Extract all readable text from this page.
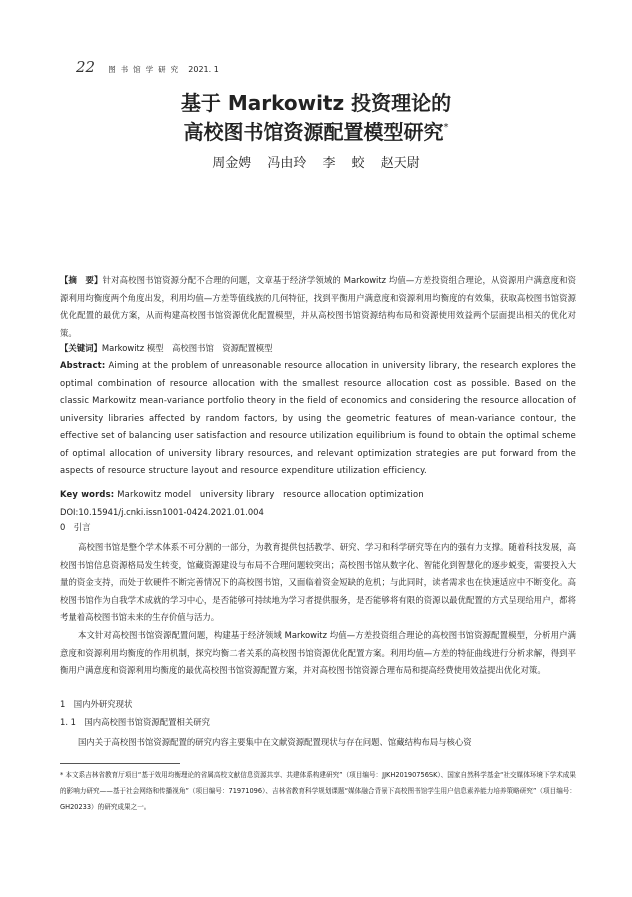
22 图书馆学研究 2021. 1
基于 Markowitz 投资理论的
高校图书馆资源配置模型研究*
周金娉 冯由玲 李 蛟 赵天尉
【摘　要】针对高校图书馆资源分配不合理的问题，文章基于经济学领域的 Markowitz 均值—方差投资组合理论，从资源用户满意度和资源利用均衡度两个角度出发，利用均值—方差等值线族的几何特征，找到平衡用户满意度和资源利用均衡度的有效集，获取高校图书馆资源优化配置的最优方案，从而构建高校图书馆资源优化配置模型，并从高校图书馆资源结构布局和资源使用效益两个层面提出相关的优化对策。
【关键词】Markowitz 模型　高校图书馆　资源配置模型
Abstract: Aiming at the problem of unreasonable resource allocation in university library, the research explores the optimal combination of resource allocation with the smallest resource allocation cost as possible. Based on the classic Markowitz mean-variance portfolio theory in the field of economics and considering the resource allocation of university libraries affected by random factors, by using the geometric features of mean-variance contour, the effective set of balancing user satisfaction and resource utilization equilibrium is found to obtain the optimal scheme of optimal allocation of university library resources, and relevant optimization strategies are put forward from the aspects of resource structure layout and resource expenditure utilization efficiency.
Key words: Markowitz model　university library　resource allocation optimization
DOI:10.15941/j.cnki.issn1001-0424.2021.01.004
0　引言
高校图书馆是整个学术体系不可分割的一部分，为教育提供包括教学、研究、学习和科学研究等在内的强有力支撑。随着科技发展，高校图书馆信息资源格局发生转变，馆藏资源建设与布局不合理问题较突出；高校图书馆从数字化、智能化到智慧化的逐步蜕变，需要投入大量的资金支持，而处于软硬件不断完善情况下的高校图书馆，又面临着资金短缺的危机；与此同时，读者需求也在快速适应中不断变化。高校图书馆作为自我学术成就的学习中心，是否能够可持续地为学习者提供服务，是否能够将有限的资源以最优配置的方式呈现给用户，都将考量着高校图书馆未来的生存价值与活力。
本文针对高校图书馆资源配置问题，构建基于经济领域 Markowitz 均值—方差投资组合理论的高校图书馆资源配置模型，分析用户满意度和资源利用均衡度的作用机制，探究均衡二者关系的高校图书馆资源优化配置方案。利用均值—方差的特征曲线进行分析求解，得到平衡用户满意度和资源利用均衡度的最优高校图书馆资源配置方案，并对高校图书馆资源合理布局和提高经费使用效益提出优化对策。
1　国内外研究现状
1. 1　国内高校图书馆资源配置相关研究
国内关于高校图书馆资源配置的研究内容主要集中在文献资源配置现状与存在问题、馆藏结构布局与核心资
* 本文系吉林省教育厅项目“基于效用均衡理论的省属高校文献信息资源共享、共建体系构建研究”（项目编号：JJKH20190756SK）、国家自然科学基金“社交媒体环境下学术成果的影响力研究——基于社会网络和传播视角”（项目编号：71971096）、吉林省教育科学规划课题“媒体融合背景下高校图书馆学生用户信息素养能力培养策略研究”（项目编号：GH20233）的研究成果之一。
